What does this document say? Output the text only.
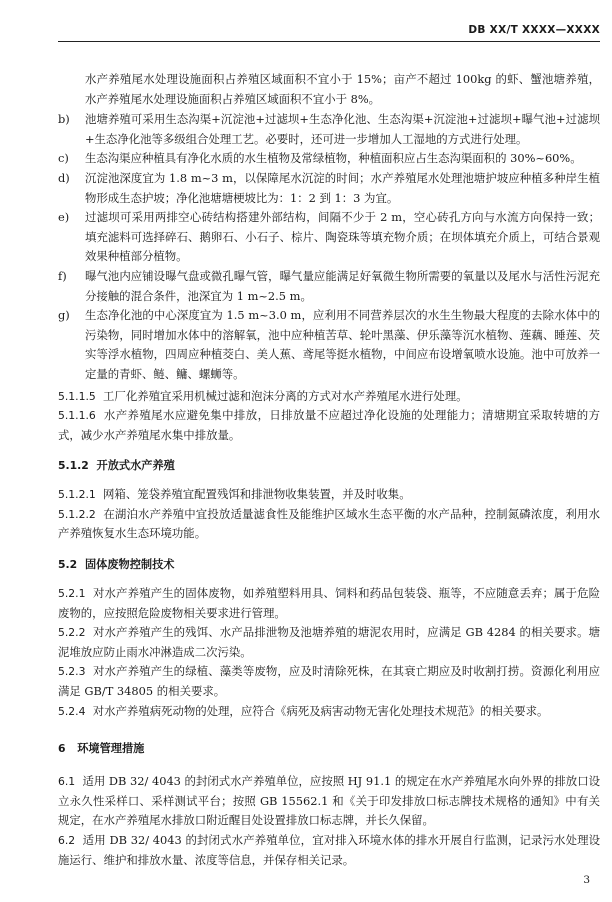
DB XX/T XXXX—XXXX
水产养殖尾水处理设施面积占养殖区域面积不宜小于 15%；亩产不超过 100kg 的虾、蟹池塘养殖，水产养殖尾水处理设施面积占养殖区域面积不宜小于 8%。
b) 池塘养殖可采用生态沟渠+沉淀池+过滤坝+生态净化池、生态沟渠+沉淀池+过滤坝+曝气池+过滤坝+生态净化池等多级组合处理工艺。必要时，还可进一步增加人工湿地的方式进行处理。
c) 生态沟渠应种植具有净化水质的水生植物及常绿植物，种植面积应占生态沟渠面积的 30%~60%。
d) 沉淀池深度宜为 1.8 m~3 m，以保障尾水沉淀的时间；水产养殖尾水处理池塘护坡应种植多种岸生植物形成生态护坡；净化池塘塘梗坡比为：1：2 到 1：3 为宜。
e) 过滤坝可采用两排空心砖结构搭建外部结构，间隔不少于 2 m，空心砖孔方向与水流方向保持一致；填充滤料可选择碎石、鹅卵石、小石子、棕片、陶瓷珠等填充物介质；在坝体填充介质上，可结合景观效果种植部分植物。
f) 曝气池内应铺设曝气盘或微孔曝气管，曝气量应能满足好氧微生物所需要的氧量以及尾水与活性污泥充分接触的混合条件，池深宜为 1 m~2.5 m。
g) 生态净化池的中心深度宜为 1.5 m~3.0 m，应利用不同营养层次的水生生物最大程度的去除水体中的污染物，同时增加水体中的溶解氧，池中应种植苦草、轮叶黑藻、伊乐藻等沉水植物、莲藕、睡莲、芡实等浮水植物，四周应种植茭白、美人蕉、鸢尾等挺水植物，中间应布设增氧喷水设施。池中可放养一定量的青虾、鲢、鳙、螺蛳等。
5.1.1.5 工厂化养殖宜采用机械过滤和泡沫分离的方式对水产养殖尾水进行处理。
5.1.1.6 水产养殖尾水应避免集中排放，日排放量不应超过净化设施的处理能力；清塘期宜采取转塘的方式，减少水产养殖尾水集中排放量。
5.1.2 开放式水产养殖
5.1.2.1 网箱、笼袋养殖宜配置残饵和排泄物收集装置，并及时收集。
5.1.2.2 在湖泊水产养殖中宜投放适量滤食性及能维护区域水生态平衡的水产品种，控制氮磷浓度，利用水产养殖恢复水生态环境功能。
5.2 固体废物控制技术
5.2.1 对水产养殖产生的固体废物，如养殖塑料用具、饲料和药品包装袋、瓶等，不应随意丢弃；属于危险废物的，应按照危险废物相关要求进行管理。
5.2.2 对水产养殖产生的残饵、水产品排泄物及池塘养殖的塘泥农用时，应满足 GB 4284 的相关要求。塘泥堆放应防止雨水冲淋造成二次污染。
5.2.3 对水产养殖产生的绿植、藻类等废物，应及时清除死株，在其衰亡期应及时收割打捞。资源化利用应满足 GB/T 34805 的相关要求。
5.2.4 对水产养殖病死动物的处理，应符合《病死及病害动物无害化处理技术规范》的相关要求。
6 环境管理措施
6.1 适用 DB 32/ 4043 的封闭式水产养殖单位，应按照 HJ 91.1 的规定在水产养殖尾水向外界的排放口设立永久性采样口、采样测试平台；按照 GB 15562.1 和《关于印发排放口标志牌技术规格的通知》中有关规定，在水产养殖尾水排放口附近醒目处设置排放口标志牌，并长久保留。
6.2 适用 DB 32/ 4043 的封闭式水产养殖单位，宜对排入环境水体的排水开展自行监测，记录污水处理设施运行、维护和排放水量、浓度等信息，并保存相关记录。
3
